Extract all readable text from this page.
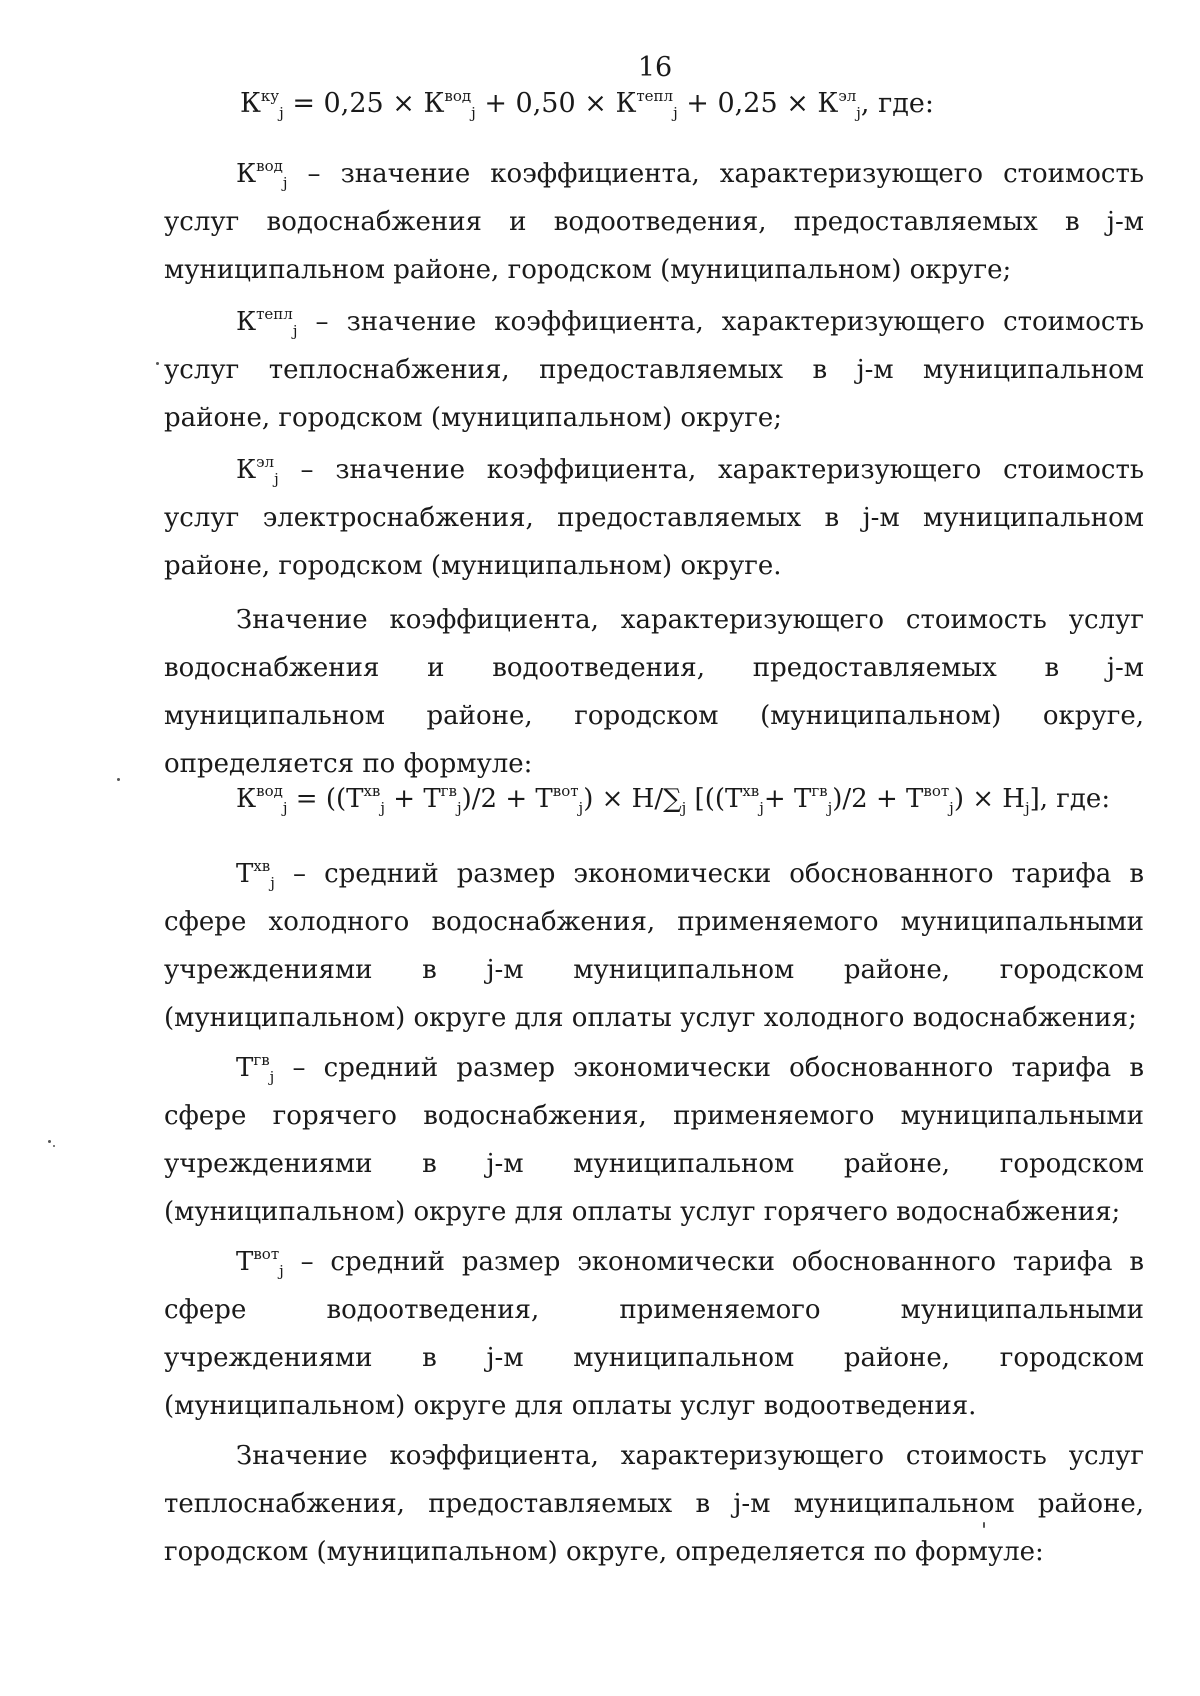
16
$К^{ку}_j = 0,25 \times К^{вод}_j + 0,50 \times К^{тепл}_j + 0,25 \times К^{эл}_j$, где:

$К^{вод}_j$ – значение коэффициента, характеризующего стоимость услуг водоснабжения и водоотведения, предоставляемых в j-м муниципальном районе, городском (муниципальном) округе;

$К^{тепл}_j$ – значение коэффициента, характеризующего стоимость услуг теплоснабжения, предоставляемых в j-м муниципальном районе, городском (муниципальном) округе;

$К^{эл}_j$ – значение коэффициента, характеризующего стоимость услуг электроснабжения, предоставляемых в j-м муниципальном районе, городском (муниципальном) округе.

Значение коэффициента, характеризующего стоимость услуг водоснабжения и водоотведения, предоставляемых в j-м муниципальном районе, городском (муниципальном) округе, определяется по формуле:

$К^{вод}_j = ((Т^{хв}_j + Т^{гв}_j)/2 + Т^{вот}_j) \times Н/\sum_j$ $[((Т^{хв}_j+ Т^{гв}_j)/2 + Т^{вот}_j) \times Н_j]$, где:

$Т^{хв}_j$ – средний размер экономически обоснованного тарифа в сфере холодного водоснабжения, применяемого муниципальными учреждениями в j-м муниципальном районе, городском (муниципальном) округе для оплаты услуг холодного водоснабжения;

$Т^{гв}_j$ – средний размер экономически обоснованного тарифа в сфере горячего водоснабжения, применяемого муниципальными учреждениями в j-м муниципальном районе, городском (муниципальном) округе для оплаты услуг горячего водоснабжения;

$Т^{вот}_j$ – средний размер экономически обоснованного тарифа в сфере водоотведения, применяемого муниципальными учреждениями в j-м муниципальном районе, городском (муниципальном) округе для оплаты услуг водоотведения.

Значение коэффициента, характеризующего стоимость услуг теплоснабжения, предоставляемых в j-м муниципальном районе, городском (муниципальном) округе, определяется по формуле:
